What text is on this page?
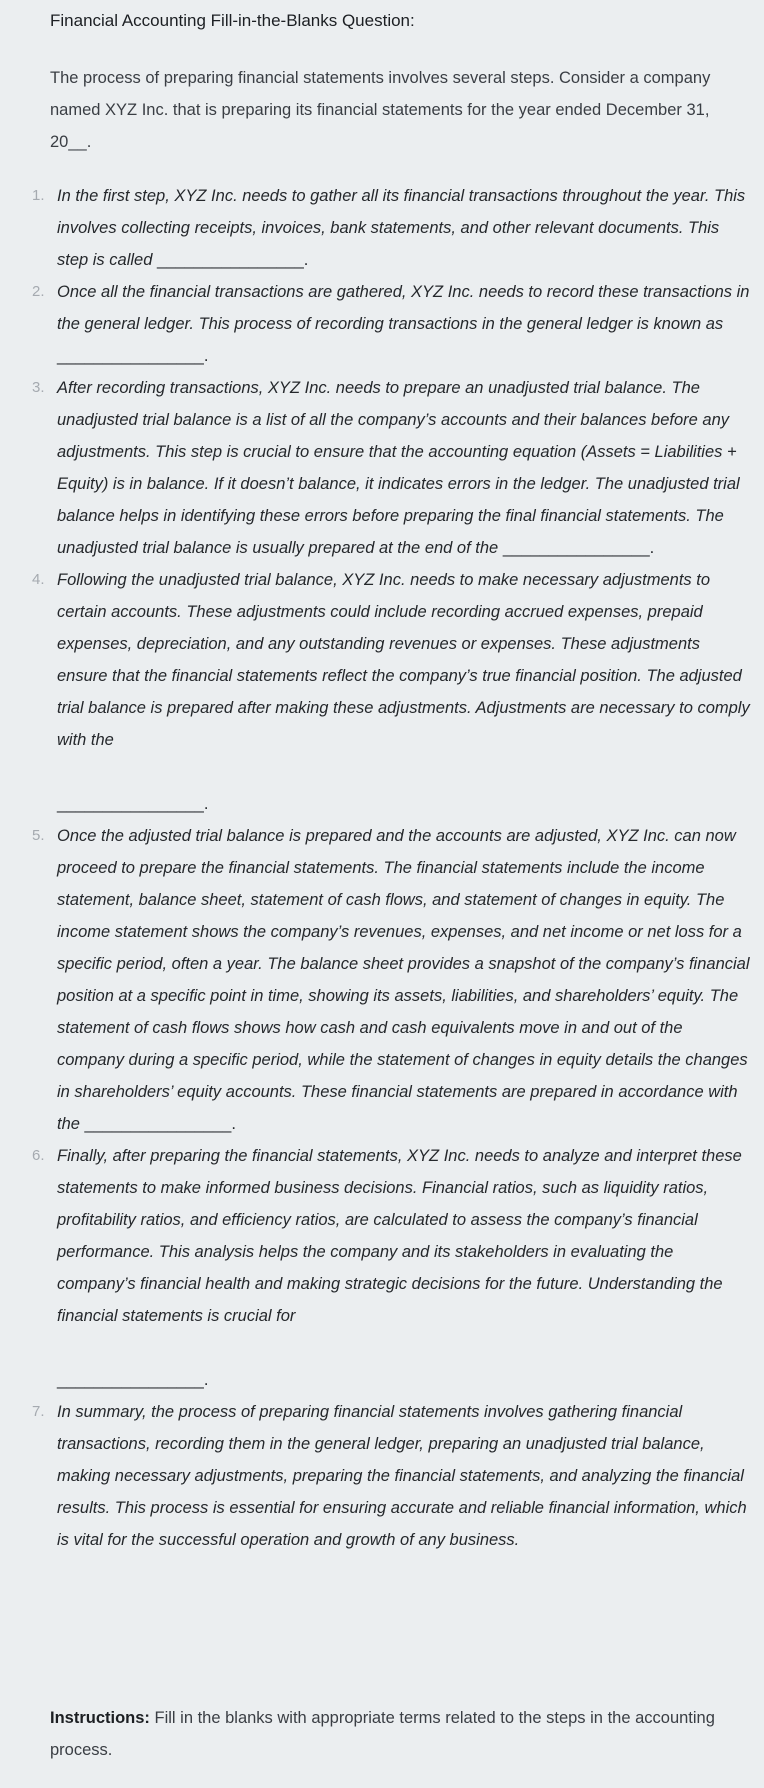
Financial Accounting Fill-in-the-Blanks Question:

The process of preparing financial statements involves several steps. Consider a company named XYZ Inc. that is preparing its financial statements for the year ended December 31, 20__.

1. In the first step, XYZ Inc. needs to gather all its financial transactions throughout the year. This involves collecting receipts, invoices, bank statements, and other relevant documents. This step is called ________________.
2. Once all the financial transactions are gathered, XYZ Inc. needs to record these transactions in the general ledger. This process of recording transactions in the general ledger is known as ________________.
3. After recording transactions, XYZ Inc. needs to prepare an unadjusted trial balance. The unadjusted trial balance is a list of all the company’s accounts and their balances before any adjustments. This step is crucial to ensure that the accounting equation (Assets = Liabilities + Equity) is in balance. If it doesn’t balance, it indicates errors in the ledger. The unadjusted trial balance helps in identifying these errors before preparing the final financial statements. The unadjusted trial balance is usually prepared at the end of the ________________.
4. Following the unadjusted trial balance, XYZ Inc. needs to make necessary adjustments to certain accounts. These adjustments could include recording accrued expenses, prepaid expenses, depreciation, and any outstanding revenues or expenses. These adjustments ensure that the financial statements reflect the company’s true financial position. The adjusted trial balance is prepared after making these adjustments. Adjustments are necessary to comply with the
________________.
5. Once the adjusted trial balance is prepared and the accounts are adjusted, XYZ Inc. can now proceed to prepare the financial statements. The financial statements include the income statement, balance sheet, statement of cash flows, and statement of changes in equity. The income statement shows the company’s revenues, expenses, and net income or net loss for a specific period, often a year. The balance sheet provides a snapshot of the company’s financial position at a specific point in time, showing its assets, liabilities, and shareholders’ equity. The statement of cash flows shows how cash and cash equivalents move in and out of the company during a specific period, while the statement of changes in equity details the changes in shareholders’ equity accounts. These financial statements are prepared in accordance with the ________________.
6. Finally, after preparing the financial statements, XYZ Inc. needs to analyze and interpret these statements to make informed business decisions. Financial ratios, such as liquidity ratios, profitability ratios, and efficiency ratios, are calculated to assess the company’s financial performance. This analysis helps the company and its stakeholders in evaluating the company’s financial health and making strategic decisions for the future. Understanding the financial statements is crucial for
________________.
7. In summary, the process of preparing financial statements involves gathering financial transactions, recording them in the general ledger, preparing an unadjusted trial balance, making necessary adjustments, preparing the financial statements, and analyzing the financial results. This process is essential for ensuring accurate and reliable financial information, which is vital for the successful operation and growth of any business.

Instructions: Fill in the blanks with appropriate terms related to the steps in the accounting process.
